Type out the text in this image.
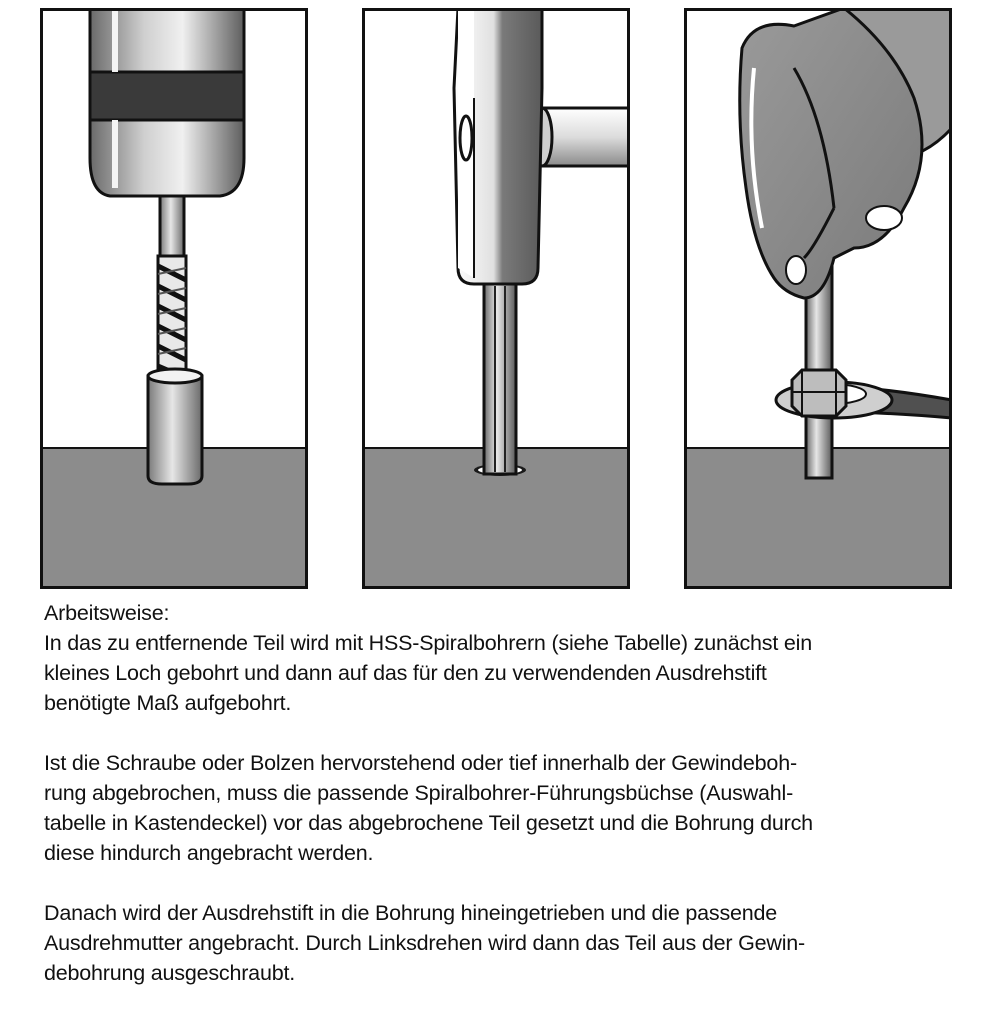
Arbeitsweise:
In das zu entfernende Teil wird mit HSS-Spiralbohrern (siehe Tabelle) zunächst ein
kleines Loch gebohrt und dann auf das für den zu verwendenden Ausdrehstift
benötigte Maß aufgebohrt.
Ist die Schraube oder Bolzen hervorstehend oder tief innerhalb der Gewindeboh-
rung abgebrochen, muss die passende Spiralbohrer-Führungsbüchse (Auswahl-
tabelle in Kastendeckel) vor das abgebrochene Teil gesetzt und die Bohrung durch
diese hindurch angebracht werden.
Danach wird der Ausdrehstift in die Bohrung hineingetrieben und die passende
Ausdrehmutter angebracht. Durch Linksdrehen wird dann das Teil aus der Gewin-
debohrung ausgeschraubt.
